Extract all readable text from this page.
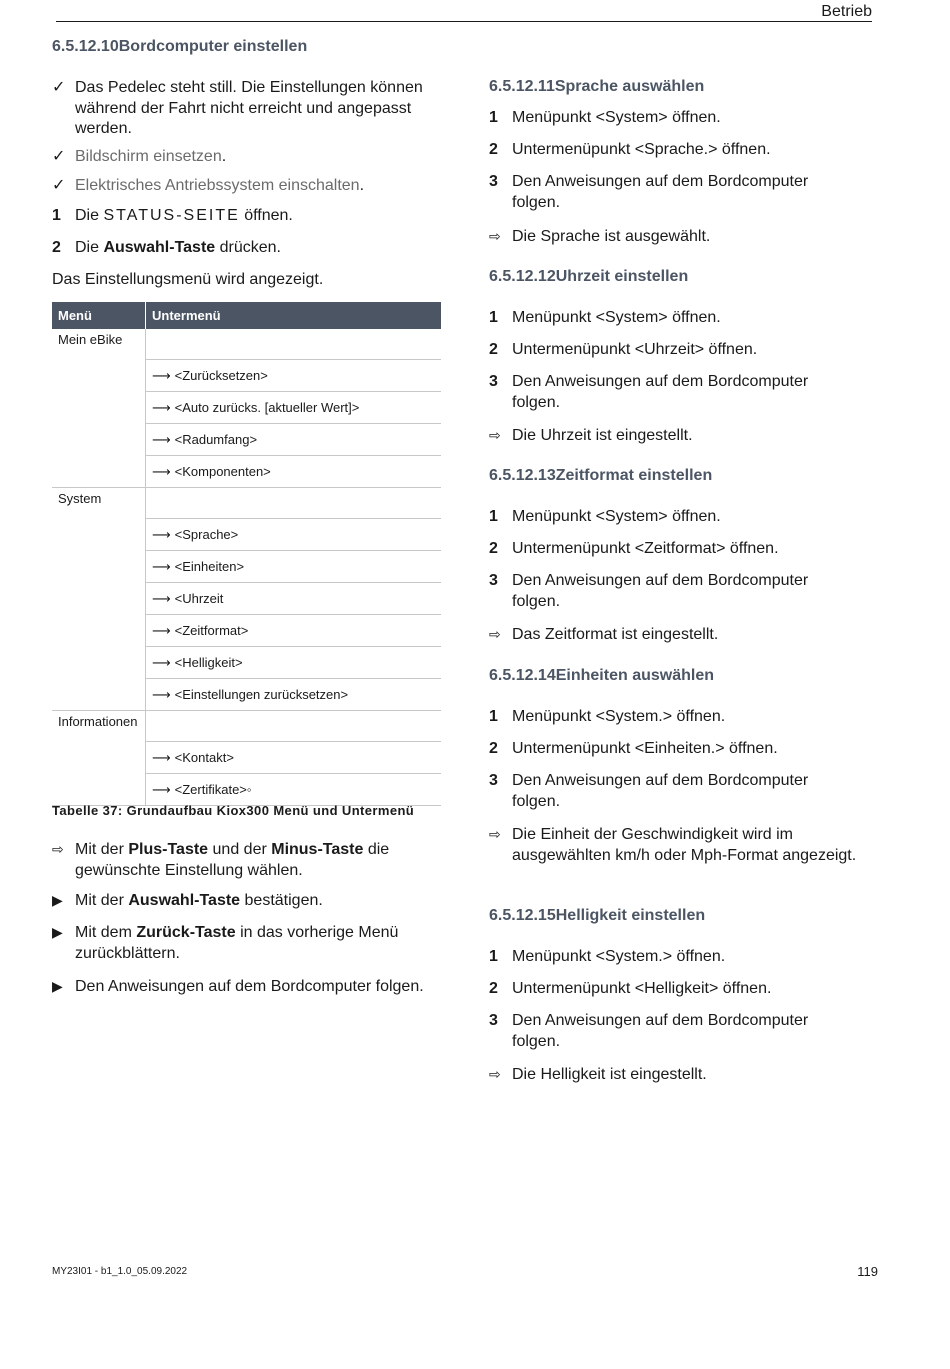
Betrieb
6.5.12.10Bordcomputer einstellen
✓ Das Pedelec steht still. Die Einstellungen können während der Fahrt nicht erreicht und angepasst werden.
✓ Bildschirm einsetzen.
✓ Elektrisches Antriebssystem einschalten.
1 Die STATUS-SEITE öffnen.
2 Die Auswahl-Taste drücken.
Das Einstellungsmenü wird angezeigt.
Menü	Untermenü
Mein eBike	
	⟶ <Zurücksetzen>
	⟶ <Auto zurücks. [aktueller Wert]>
	⟶ <Radumfang>
	⟶ <Komponenten>
System	
	⟶ <Sprache>
	⟶ <Einheiten>
	⟶ <Uhrzeit
	⟶ <Zeitformat>
	⟶ <Helligkeit>
	⟶ <Einstellungen zurücksetzen>
Informationen	
	⟶ <Kontakt>
	⟶ <Zertifikate>◦
Tabelle 37: Grundaufbau Kiox300 Menü und Untermenü
⇨ Mit der Plus-Taste und der Minus-Taste die gewünschte Einstellung wählen.
▶ Mit der Auswahl-Taste bestätigen.
▶ Mit dem Zurück-Taste in das vorherige Menü zurückblättern.
▶ Den Anweisungen auf dem Bordcomputer folgen.
6.5.12.11Sprache auswählen
1 Menüpunkt <System> öffnen.
2 Untermenüpunkt <Sprache.> öffnen.
3 Den Anweisungen auf dem Bordcomputer folgen.
⇨ Die Sprache ist ausgewählt.
6.5.12.12Uhrzeit einstellen
1 Menüpunkt <System> öffnen.
2 Untermenüpunkt <Uhrzeit> öffnen.
3 Den Anweisungen auf dem Bordcomputer folgen.
⇨ Die Uhrzeit ist eingestellt.
6.5.12.13Zeitformat einstellen
1 Menüpunkt <System> öffnen.
2 Untermenüpunkt <Zeitformat> öffnen.
3 Den Anweisungen auf dem Bordcomputer folgen.
⇨ Das Zeitformat ist eingestellt.
6.5.12.14Einheiten auswählen
1 Menüpunkt <System.> öffnen.
2 Untermenüpunkt <Einheiten.> öffnen.
3 Den Anweisungen auf dem Bordcomputer folgen.
⇨ Die Einheit der Geschwindigkeit wird im ausgewählten km/h oder Mph-Format angezeigt.
6.5.12.15Helligkeit einstellen
1 Menüpunkt <System.> öffnen.
2 Untermenüpunkt <Helligkeit> öffnen.
3 Den Anweisungen auf dem Bordcomputer folgen.
⇨ Die Helligkeit ist eingestellt.
MY23I01 - b1_1.0_05.09.2022	119
